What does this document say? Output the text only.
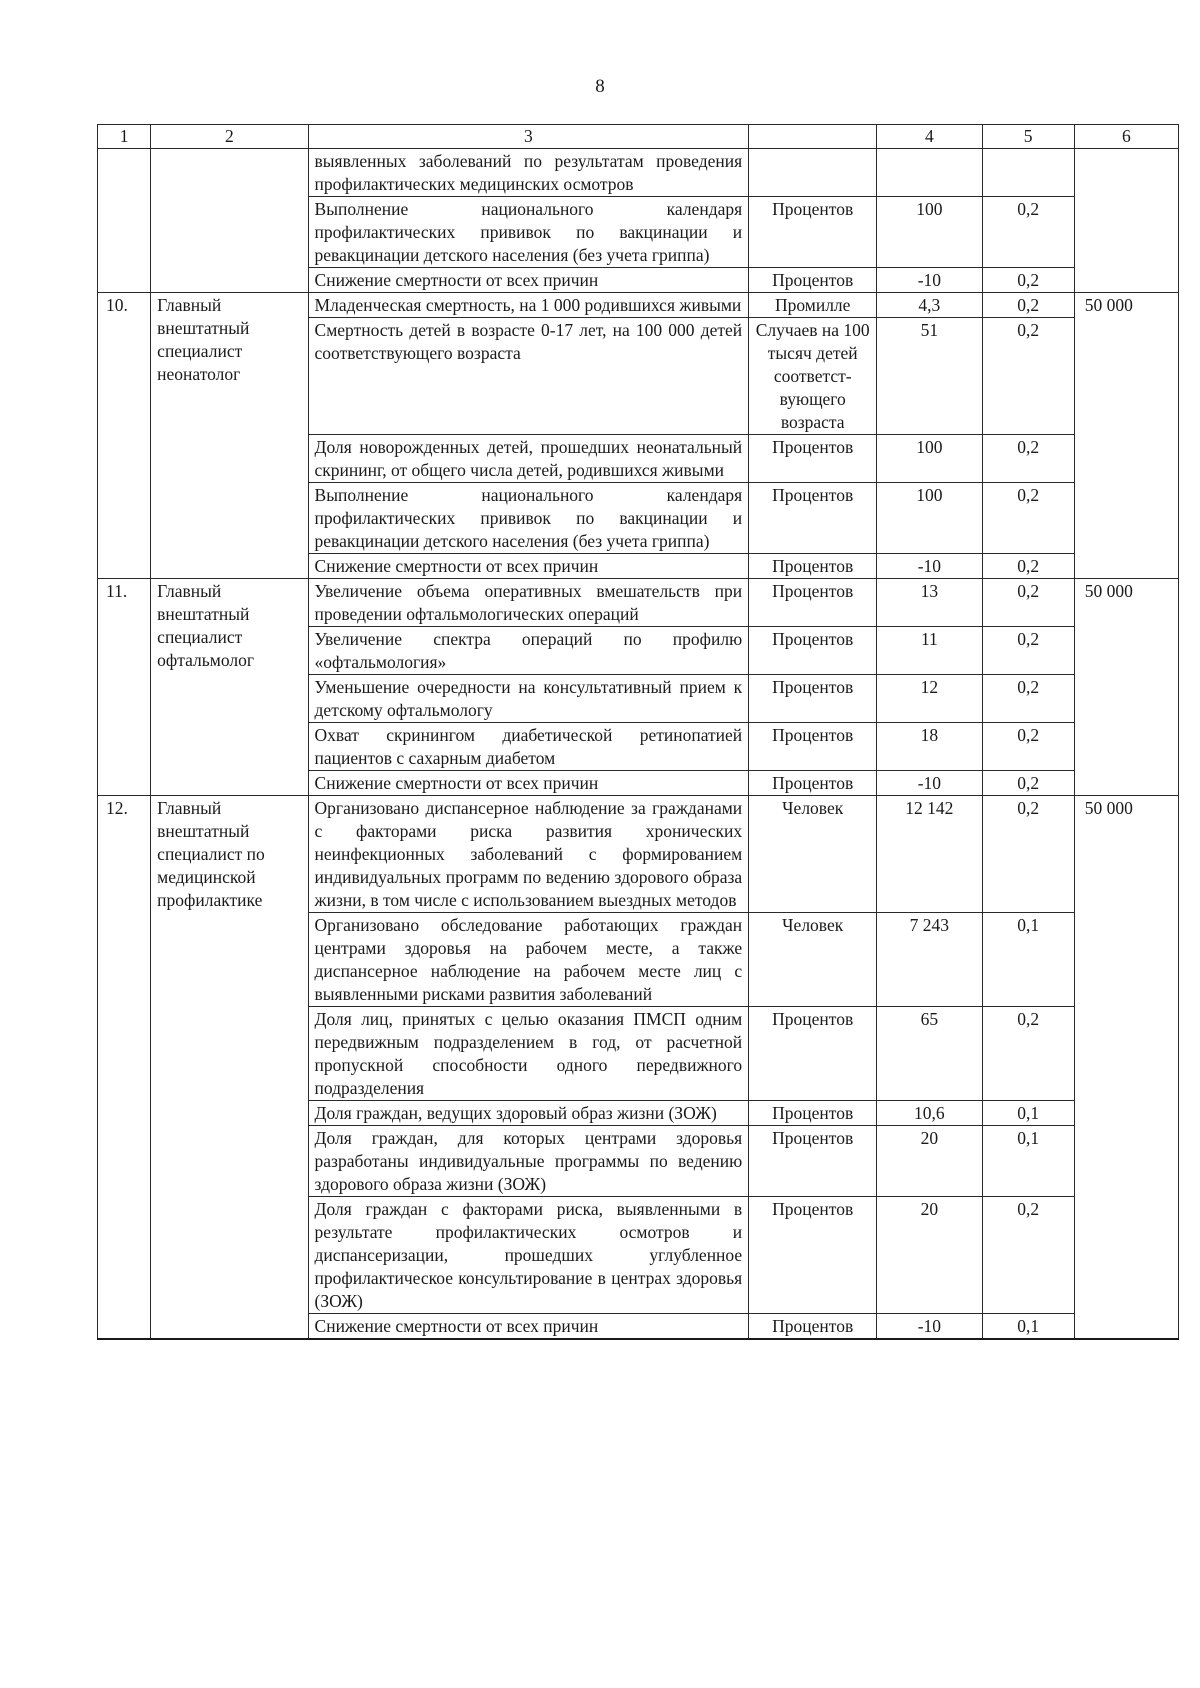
8
1	2	3		4	5	6
		выявленных заболеваний по результатам проведения профилактических медицинских осмотров				
		Выполнение национального календаря профилактических прививок по вакцинации и ревакцинации детского населения (без учета гриппа)	Процентов	100	0,2	
		Снижение смертности от всех причин	Процентов	-10	0,2	
10.	Главный внештатный специалист неонатолог	Младенческая смертность, на 1 000 родившихся живыми	Промилле	4,3	0,2	50 000
		Смертность детей в возрасте 0-17 лет, на 100 000 детей соответствующего возраста	Случаев на 100 тысяч детей соответст-вующего возраста	51	0,2	
		Доля новорожденных детей, прошедших неонатальный скрининг, от общего числа детей, родившихся живыми	Процентов	100	0,2	
		Выполнение национального календаря профилактических прививок по вакцинации и ревакцинации детского населения (без учета гриппа)	Процентов	100	0,2	
		Снижение смертности от всех причин	Процентов	-10	0,2	
11.	Главный внештатный специалист офтальмолог	Увеличение объема оперативных вмешательств при проведении офтальмологических операций	Процентов	13	0,2	50 000
		Увеличение спектра операций по профилю «офтальмология»	Процентов	11	0,2	
		Уменьшение очередности на консультативный прием к детскому офтальмологу	Процентов	12	0,2	
		Охват скринингом диабетической ретинопатией пациентов с сахарным диабетом	Процентов	18	0,2	
		Снижение смертности от всех причин	Процентов	-10	0,2	
12.	Главный внештатный специалист по медицинской профилактике	Организовано диспансерное наблюдение за гражданами с факторами риска развития хронических неинфекционных заболеваний с формированием индивидуальных программ по ведению здорового образа жизни, в том числе с использованием выездных методов	Человек	12 142	0,2	50 000
		Организовано обследование работающих граждан центрами здоровья на рабочем месте, а также диспансерное наблюдение на рабочем месте лиц с выявленными рисками развития заболеваний	Человек	7 243	0,1	
		Доля лиц, принятых с целью оказания ПМСП одним передвижным подразделением в год, от расчетной пропускной способности одного передвижного подразделения	Процентов	65	0,2	
		Доля граждан, ведущих здоровый образ жизни (ЗОЖ)	Процентов	10,6	0,1	
		Доля граждан, для которых центрами здоровья разработаны индивидуальные программы по ведению здорового образа жизни (ЗОЖ)	Процентов	20	0,1	
		Доля граждан с факторами риска, выявленными в результате профилактических осмотров и диспансеризации, прошедших углубленное профилактическое консультирование в центрах здоровья (ЗОЖ)	Процентов	20	0,2	
		Снижение смертности от всех причин	Процентов	-10	0,1	
